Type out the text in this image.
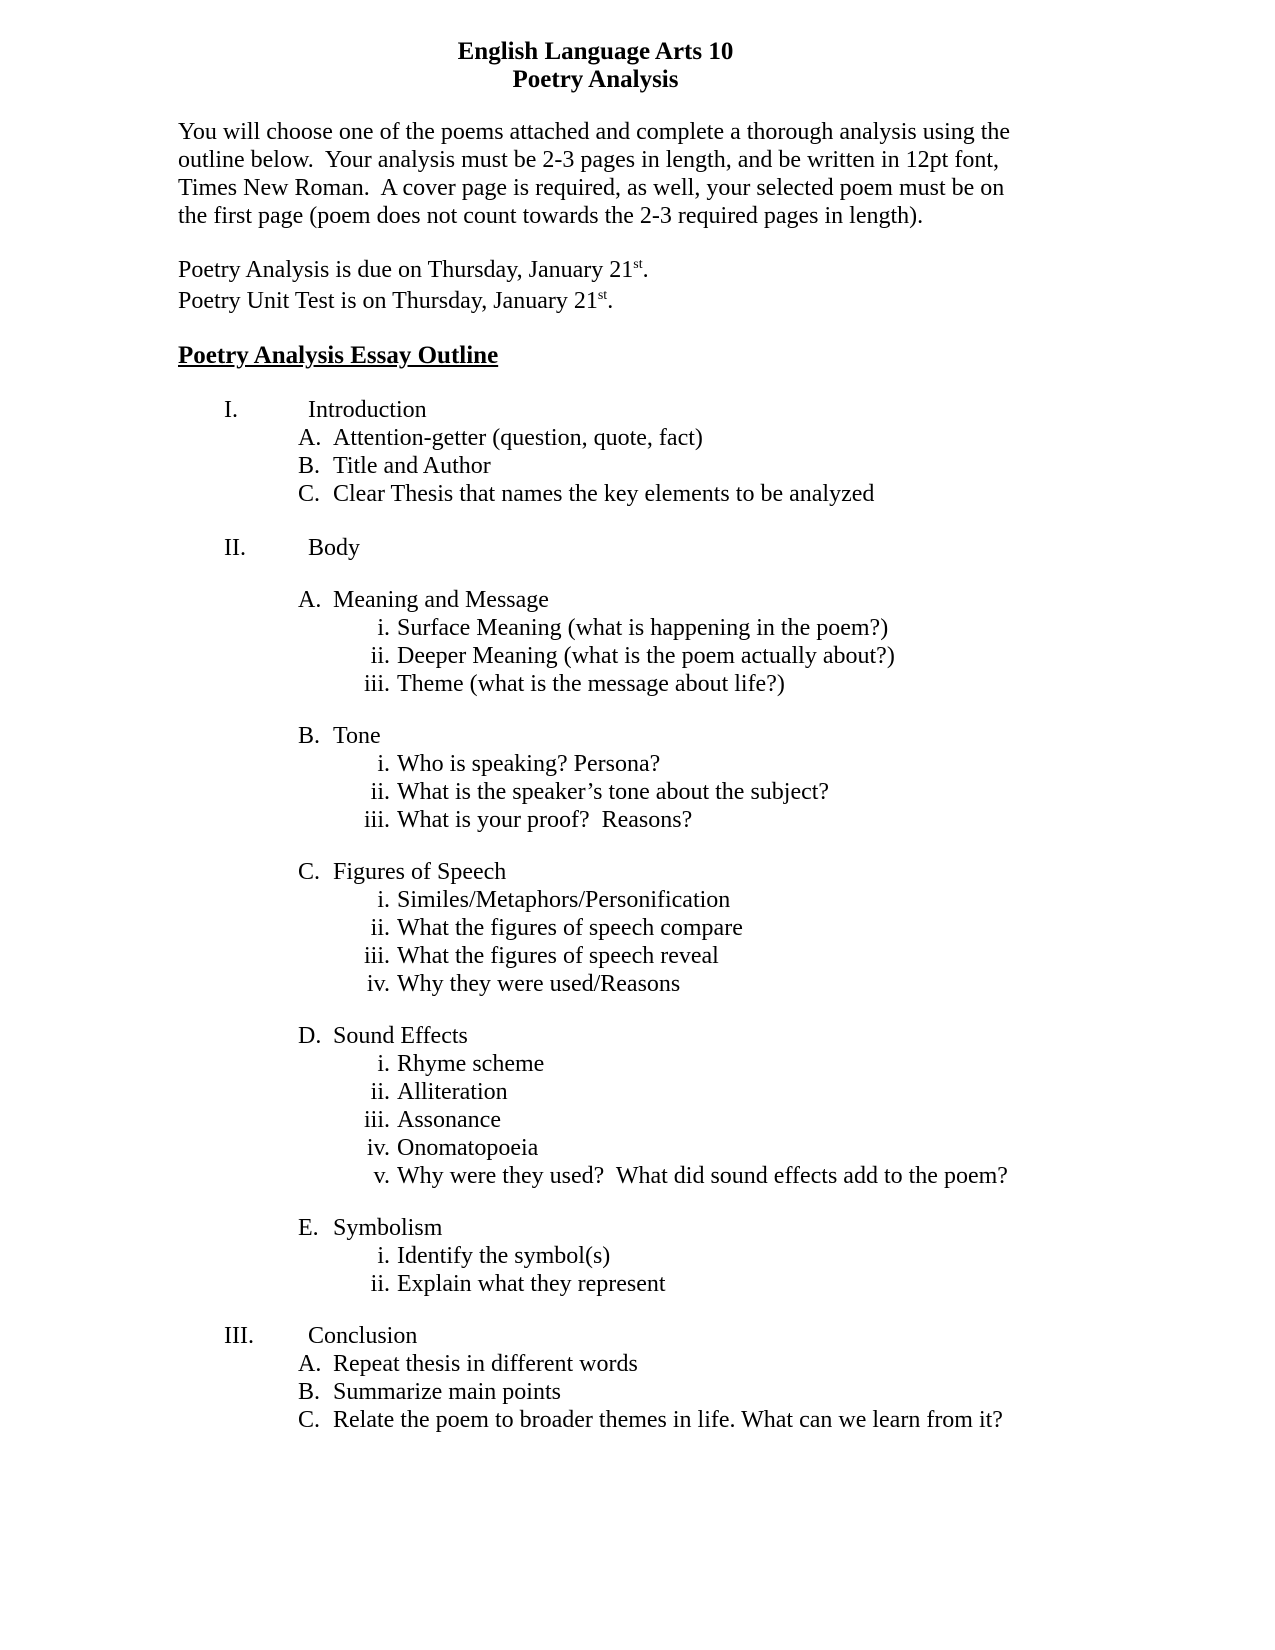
English Language Arts 10
Poetry Analysis
You will choose one of the poems attached and complete a thorough analysis using the
outline below.  Your analysis must be 2-3 pages in length, and be written in 12pt font,
Times New Roman.  A cover page is required, as well, your selected poem must be on
the first page (poem does not count towards the 2-3 required pages in length).
Poetry Analysis is due on Thursday, January 21st.
Poetry Unit Test is on Thursday, January 21st.
Poetry Analysis Essay Outline
I.	Introduction
A. Attention-getter (question, quote, fact)
B. Title and Author
C. Clear Thesis that names the key elements to be analyzed
II.	Body
A. Meaning and Message
i. Surface Meaning (what is happening in the poem?)
ii. Deeper Meaning (what is the poem actually about?)
iii. Theme (what is the message about life?)
B. Tone
i. Who is speaking? Persona?
ii. What is the speaker’s tone about the subject?
iii. What is your proof?  Reasons?
C. Figures of Speech
i. Similes/Metaphors/Personification
ii. What the figures of speech compare
iii. What the figures of speech reveal
iv. Why they were used/Reasons
D. Sound Effects
i. Rhyme scheme
ii. Alliteration
iii. Assonance
iv. Onomatopoeia
v. Why were they used?  What did sound effects add to the poem?
E. Symbolism
i. Identify the symbol(s)
ii. Explain what they represent
III.	Conclusion
A. Repeat thesis in different words
B. Summarize main points
C. Relate the poem to broader themes in life. What can we learn from it?
